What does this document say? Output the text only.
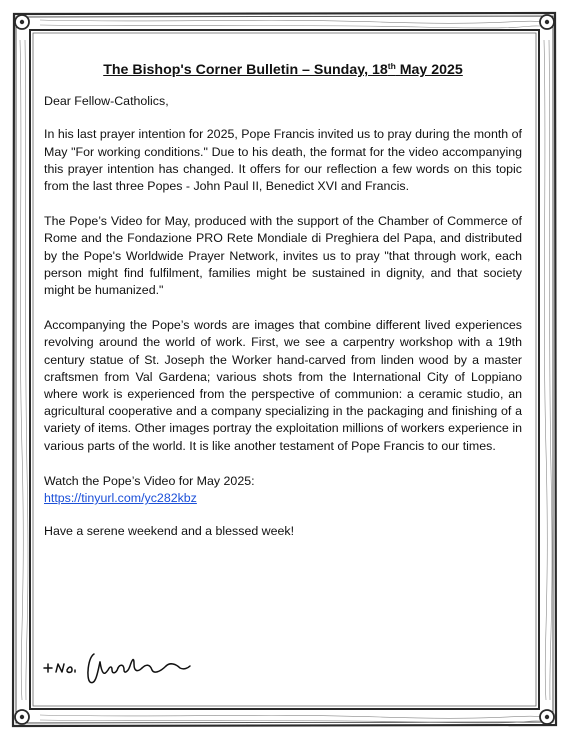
The Bishop's Corner Bulletin – Sunday, 18th May 2025

Dear Fellow-Catholics,

In his last prayer intention for 2025, Pope Francis invited us to pray during the month of May "For working conditions." Due to his death, the format for the video accompanying this prayer intention has changed. It offers for our reflection a few words on this topic from the last three Popes - John Paul II, Benedict XVI and Francis.

The Pope’s Video for May, produced with the support of the Chamber of Commerce of Rome and the Fondazione PRO Rete Mondiale di Preghiera del Papa, and distributed by the Pope's Worldwide Prayer Network, invites us to pray "that through work, each person might find fulfilment, families might be sustained in dignity, and that society might be humanized."

Accompanying the Pope’s words are images that combine different lived experiences revolving around the world of work. First, we see a carpentry workshop with a 19th century statue of St. Joseph the Worker hand-carved from linden wood by a master craftsmen from Val Gardena; various shots from the International City of Loppiano where work is experienced from the perspective of communion: a ceramic studio, an agricultural cooperative and a company specializing in the packaging and finishing of a variety of items. Other images portray the exploitation millions of workers experience in various parts of the world. It is like another testament of Pope Francis to our times.

Watch the Pope’s Video for May 2025:
https://tinyurl.com/yc282kbz

Have a serene weekend and a blessed week!
